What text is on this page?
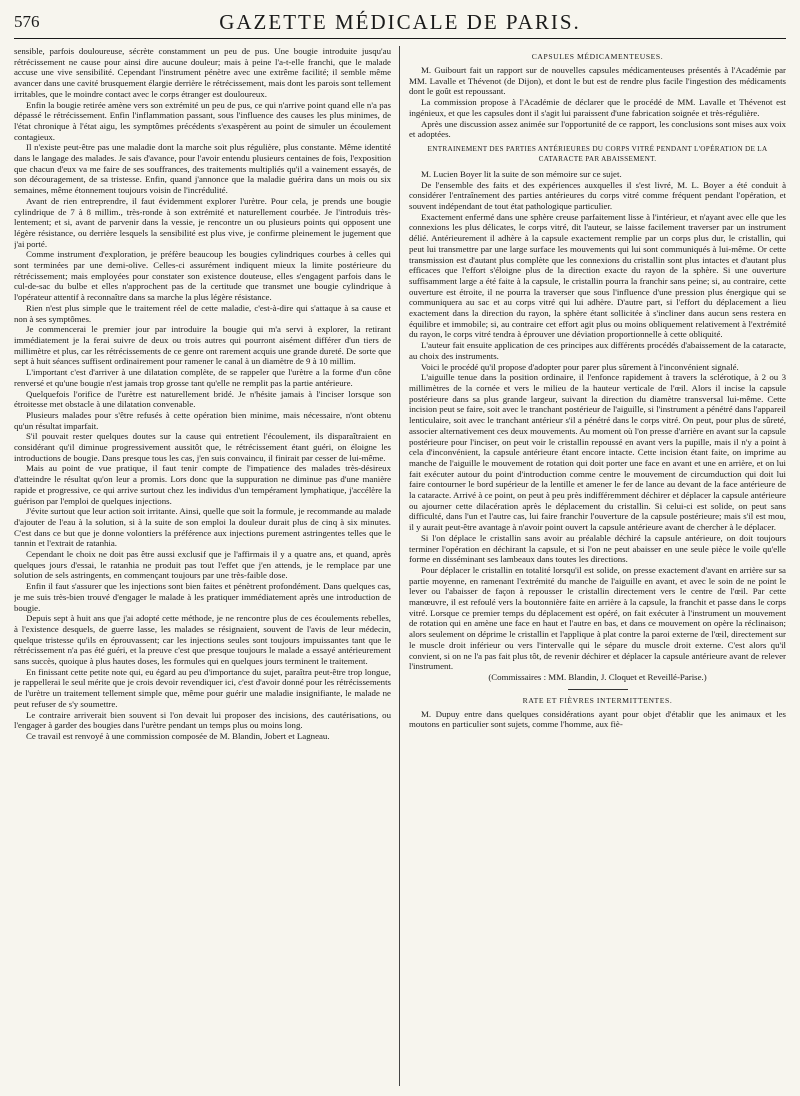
576	GAZETTE MÉDICALE DE PARIS.

sensible, parfois douloureuse, sécrète constamment un peu de pus. Une bougie introduite jusqu'au rétrécissement ne cause pour ainsi dire aucune douleur; mais à peine l'a-t-elle franchi, que le malade accuse une vive sensibilité. Cependant l'instrument pénètre avec une extrême facilité; il semble même avancer dans une cavité brusquement élargie derrière le rétrécissement, mais dont les parois sont tellement irritables, que le moindre contact avec le corps étranger est douloureux.

Enfin la bougie retirée amène vers son extrémité un peu de pus, ce qui n'arrive point quand elle n'a pas dépassé le rétrécissement. Enfin l'inflammation passant, sous l'influence des causes les plus minimes, de l'état chronique à l'état aigu, les symptômes précédents s'exaspèrent au point de simuler un écoulement contagieux.

Il n'existe peut-être pas une maladie dont la marche soit plus régulière, plus constante. Même identité dans le langage des malades. Je sais d'avance, pour l'avoir entendu plusieurs centaines de fois, l'exposition que chacun d'eux va me faire de ses souffrances, des traitements multipliés qu'il a vainement essayés, de son découragement, de sa tristesse. Enfin, quand j'annonce que la maladie guérira dans un mois ou six semaines, même étonnement toujours voisin de l'incrédulité.

Avant de rien entreprendre, il faut évidemment explorer l'urètre. Pour cela, je prends une bougie cylindrique de 7 à 8 millim., très-ronde à son extrémité et naturellement courbée. Je l'introduis très-lentement; et si, avant de parvenir dans la vessie, je rencontre un ou plusieurs points qui opposent une légère résistance, ou derrière lesquels la sensibilité est plus vive, je confirme pleinement le jugement que j'ai porté.

Comme instrument d'exploration, je préfère beaucoup les bougies cylindriques courbes à celles qui sont terminées par une demi-olive. Celles-ci assurément indiquent mieux la limite postérieure du rétrécissement; mais employées pour constater son existence douteuse, elles s'engagent parfois dans le cul-de-sac du bulbe et elles n'approchent pas de la certitude que transmet une bougie cylindrique à l'opérateur attentif à reconnaître dans sa marche la plus légère résistance.

Rien n'est plus simple que le traitement réel de cette maladie, c'est-à-dire qui s'attaque à sa cause et non à ses symptômes.

Je commencerai le premier jour par introduire la bougie qui m'a servi à explorer, la retirant immédiatement je la ferai suivre de deux ou trois autres qui pourront aisément différer d'un tiers de millimètre et plus, car les rétrécissements de ce genre ont rarement acquis une grande dureté. De sorte que sept à huit séances suffisent ordinairement pour ramener le canal à un diamètre de 9 à 10 millim.

L'important c'est d'arriver à une dilatation complète, de se rappeler que l'urètre a la forme d'un cône renversé et qu'une bougie n'est jamais trop grosse tant qu'elle ne remplit pas la partie antérieure.

Quelquefois l'orifice de l'urètre est naturellement bridé. Je n'hésite jamais à l'inciser lorsque son étroitesse met obstacle à une dilatation convenable.

Plusieurs malades pour s'être refusés à cette opération bien minime, mais nécessaire, n'ont obtenu qu'un résultat imparfait.

S'il pouvait rester quelques doutes sur la cause qui entretient l'écoulement, ils disparaîtraient en considérant qu'il diminue progressivement aussitôt que, le rétrécissement étant guéri, on éloigne les introductions de bougie. Dans presque tous les cas, j'en suis convaincu, il finirait par cesser de lui-même.

Mais au point de vue pratique, il faut tenir compte de l'impatience des malades très-désireux d'atteindre le résultat qu'on leur a promis. Lors donc que la suppuration ne diminue pas d'une manière rapide et progressive, ce qui arrive surtout chez les individus d'un tempérament lymphatique, j'accélère la guérison par l'emploi de quelques injections.

J'évite surtout que leur action soit irritante. Ainsi, quelle que soit la formule, je recommande au malade d'ajouter de l'eau à la solution, si à la suite de son emploi la douleur durait plus de cinq à six minutes. C'est dans ce but que je donne volontiers la préférence aux injections purement astringentes telles que le tannin et l'extrait de ratanhia.

Cependant le choix ne doit pas être aussi exclusif que je l'affirmais il y a quatre ans, et quand, après quelques jours d'essai, le ratanhia ne produit pas tout l'effet que j'en attends, je le remplace par une solution de sels astringents, en commençant toujours par une très-faible dose.

Enfin il faut s'assurer que les injections sont bien faites et pénètrent profondément. Dans quelques cas, je me suis très-bien trouvé d'engager le malade à les pratiquer immédiatement après une introduction de bougie.

Depuis sept à huit ans que j'ai adopté cette méthode, je ne rencontre plus de ces écoulements rebelles, à l'existence desquels, de guerre lasse, les malades se résignaient, souvent de l'avis de leur médecin, quelque tristesse qu'ils en éprouvassent; car les injections seules sont toujours impuissantes tant que le rétrécissement n'a pas été guéri, et la preuve c'est que presque toujours le malade a essayé antérieurement sans succès, quoique à plus hautes doses, les formules qui en quelques jours terminent le traitement.

En finissant cette petite note qui, eu égard au peu d'importance du sujet, paraîtra peut-être trop longue, je rappellerai le seul mérite que je crois devoir revendiquer ici, c'est d'avoir donné pour les rétrécissements de l'urètre un traitement tellement simple que, même pour guérir une maladie insignifiante, le malade ne peut refuser de s'y soumettre.

Le contraire arriverait bien souvent si l'on devait lui proposer des incisions, des cautérisations, ou l'engager à garder des bougies dans l'urètre pendant un temps plus ou moins long.

Ce travail est renvoyé à une commission composée de M. Blandin, Jobert et Lagneau.

CAPSULES MÉDICAMENTEUSES.

M. Guibourt fait un rapport sur de nouvelles capsules médicamenteuses présentés à l'Académie par MM. Lavalle et Thévenot (de Dijon), et dont le but est de rendre plus facile l'ingestion des médicaments dont le goût est repoussant.

La commission propose à l'Académie de déclarer que le procédé de MM. Lavalle et Thévenot est ingénieux, et que les capsules dont il s'agit lui paraissent d'une fabrication soignée et très-régulière.

Après une discussion assez animée sur l'opportunité de ce rapport, les conclusions sont mises aux voix et adoptées.

ENTRAINEMENT DES PARTIES ANTÉRIEURES DU CORPS VITRÉ PENDANT L'OPÉRATION DE LA CATARACTE PAR ABAISSEMENT.

M. Lucien Boyer lit la suite de son mémoire sur ce sujet.

De l'ensemble des faits et des expériences auxquelles il s'est livré, M. L. Boyer a été conduit à considérer l'entraînement des parties antérieures du corps vitré comme fréquent pendant l'opération, et souvent indépendant de tout état pathologique particulier.

Exactement enfermé dans une sphère creuse parfaitement lisse à l'intérieur, et n'ayant avec elle que les connexions les plus délicates, le corps vitré, dit l'auteur, se laisse facilement traverser par un instrument délié. Antérieurement il adhère à la capsule exactement remplie par un corps plus dur, le cristallin, qui peut lui transmettre par une large surface les mouvements qui lui sont communiqués à lui-même. Or cette transmission est d'autant plus complète que les connexions du cristallin sont plus intactes et d'autant plus efficaces que l'effort s'éloigne plus de la direction exacte du rayon de la sphère. Si une ouverture suffisamment large a été faite à la capsule, le cristallin pourra la franchir sans peine; si, au contraire, cette ouverture est étroite, il ne pourra la traverser que sous l'influence d'une pression plus énergique qui se communiquera au sac et au corps vitré qui lui adhère. D'autre part, si l'effort du déplacement a lieu exactement dans la direction du rayon, la sphère étant sollicitée à s'incliner dans aucun sens restera en équilibre et immobile; si, au contraire cet effort agit plus ou moins obliquement relativement à l'extrémité du rayon, le corps vitré tendra à éprouver une déviation proportionnelle à cette obliquité.

L'auteur fait ensuite application de ces principes aux différents procédés d'abaissement de la cataracte, au choix des instruments.

Voici le procédé qu'il propose d'adopter pour parer plus sûrement à l'inconvénient signalé.

L'aiguille tenue dans la position ordinaire, il l'enfonce rapidement à travers la sclérotique, à 2 ou 3 millimètres de la cornée et vers le milieu de la hauteur verticale de l'œil. Alors il incise la capsule postérieure dans sa plus grande largeur, suivant la direction du diamètre transversal lui-même. Cette incision peut se faire, soit avec le tranchant postérieur de l'aiguille, si l'instrument a pénétré dans l'appareil lenticulaire, soit avec le tranchant antérieur s'il a pénétré dans le corps vitré. On peut, pour plus de sûreté, associer alternativement ces deux mouvements. Au moment où l'on presse d'arrière en avant sur la capsule postérieure pour l'inciser, on peut voir le cristallin repoussé en avant vers la pupille, mais il n'y a point à cela d'inconvénient, la capsule antérieure étant encore intacte. Cette incision étant faite, on imprime au manche de l'aiguille le mouvement de rotation qui doit porter une face en avant et une en arrière, et on lui fait exécuter autour du point d'introduction comme centre le mouvement de circumduction qui doit lui faire contourner le bord supérieur de la lentille et amener le fer de lance au devant de la face antérieure de la cataracte. Arrivé à ce point, on peut à peu près indifféremment déchirer et déplacer la capsule antérieure ou ajourner cette dilacération après le déplacement du cristallin. Si celui-ci est solide, on peut sans difficulté, dans l'un et l'autre cas, lui faire franchir l'ouverture de la capsule postérieure; mais s'il est mou, il y aurait peut-être avantage à n'avoir point ouvert la capsule antérieure avant de chercher à le déplacer.

Si l'on déplace le cristallin sans avoir au préalable déchiré la capsule antérieure, on doit toujours terminer l'opération en déchirant la capsule, et si l'on ne peut abaisser en une seule pièce le voile qu'elle forme en disséminant ses lambeaux dans toutes les directions.

Pour déplacer le cristallin en totalité lorsqu'il est solide, on presse exactement d'avant en arrière sur sa partie moyenne, en ramenant l'extrémité du manche de l'aiguille en avant, et avec le soin de ne point le lever ou l'abaisser de façon à repousser le cristallin directement vers le centre de l'œil. Par cette manœuvre, il est refoulé vers la boutonnière faite en arrière à la capsule, la franchit et passe dans le corps vitré. Lorsque ce premier temps du déplacement est opéré, on fait exécuter à l'instrument un mouvement de rotation qui en amène une face en haut et l'autre en bas, et dans ce mouvement on opère la réclinaison; alors seulement on déprime le cristallin et l'applique à plat contre la paroi externe de l'œil, directement sur le muscle droit inférieur ou vers l'intervalle qui le sépare du muscle droit externe. C'est alors qu'il convient, si on ne l'a pas fait plus tôt, de revenir déchirer et déplacer la capsule antérieure avant de relever l'instrument.

(Commissaires : MM. Blandin, J. Cloquet et Reveillé-Parise.)

RATE ET FIÈVRES INTERMITTENTES.

M. Dupuy entre dans quelques considérations ayant pour objet d'établir que les animaux et les moutons en particulier sont sujets, comme l'homme, aux fiè-
